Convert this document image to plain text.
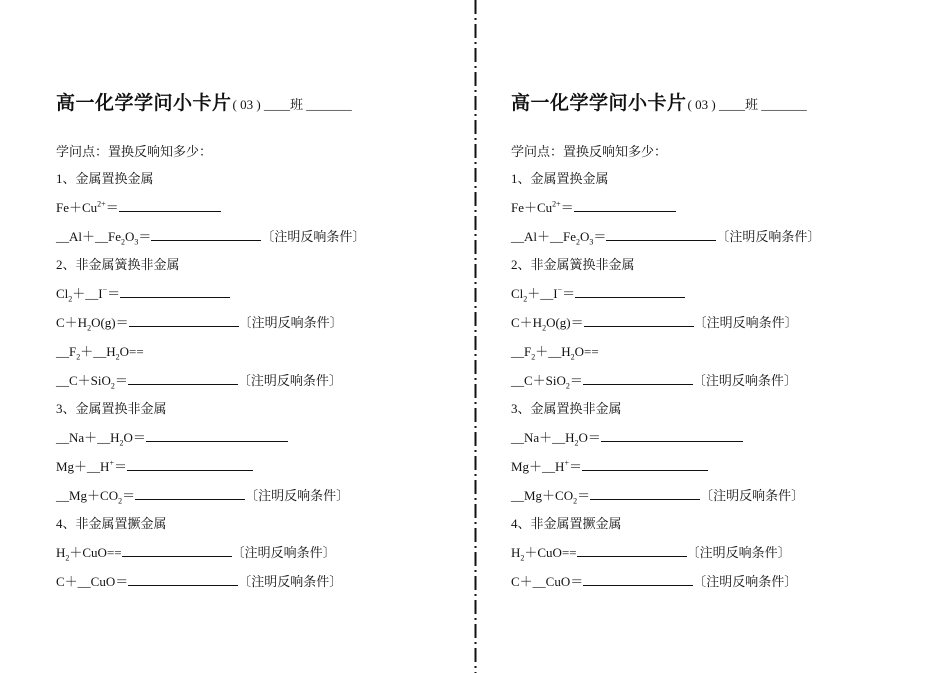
高一化学学问小卡片( 03 ) ____班 _______
学问点：置换反响知多少：
1、金属置换金属
$Fe+Cu^{2+}=$
$\_\_Al+\_\_Fe_2O_3=$	〔注明反响条件〕
2、非金属簧换非金属
$Cl_2+\_\_I^-=$
$C+H_2O(g)=$	〔注明反响条件〕
$\_\_F_2+\_\_H_2O==$
__C＋SiO$_2$＝	〔注明反响条件〕
3、金属置换非金属
$\_\_Na+\_\_H_2O=$
Mg＋__H+＝
$\_\_Mg+CO_2=$	〔注明反响条件〕
4、非金属置撅金属
$H_2+CuO==$	〔注明反响条件〕
C＋__CuO＝	〔注明反响条件〕
高一化学学问小卡片( 03 ) ____班 _______
学问点：置换反响知多少：
1、金属置换金属
$Fe+Cu^{2+}=$
$\_\_Al+\_\_Fe_2O_3=$	〔注明反响条件〕
2、非金属簧换非金属
$Cl_2+\_\_I^-=$
$C+H_2O(g)=$	〔注明反响条件〕
$\_\_F_2+\_\_H_2O==$
__C＋SiO$_2$＝	〔注明反响条件〕
3、金属置换非金属
$\_\_Na+\_\_H_2O=$
Mg＋__H+＝
$\_\_Mg+CO_2=$	〔注明反响条件〕
4、非金属置撅金属
$H_2+CuO==$	〔注明反响条件〕
C＋__CuO＝	〔注明反响条件〕
